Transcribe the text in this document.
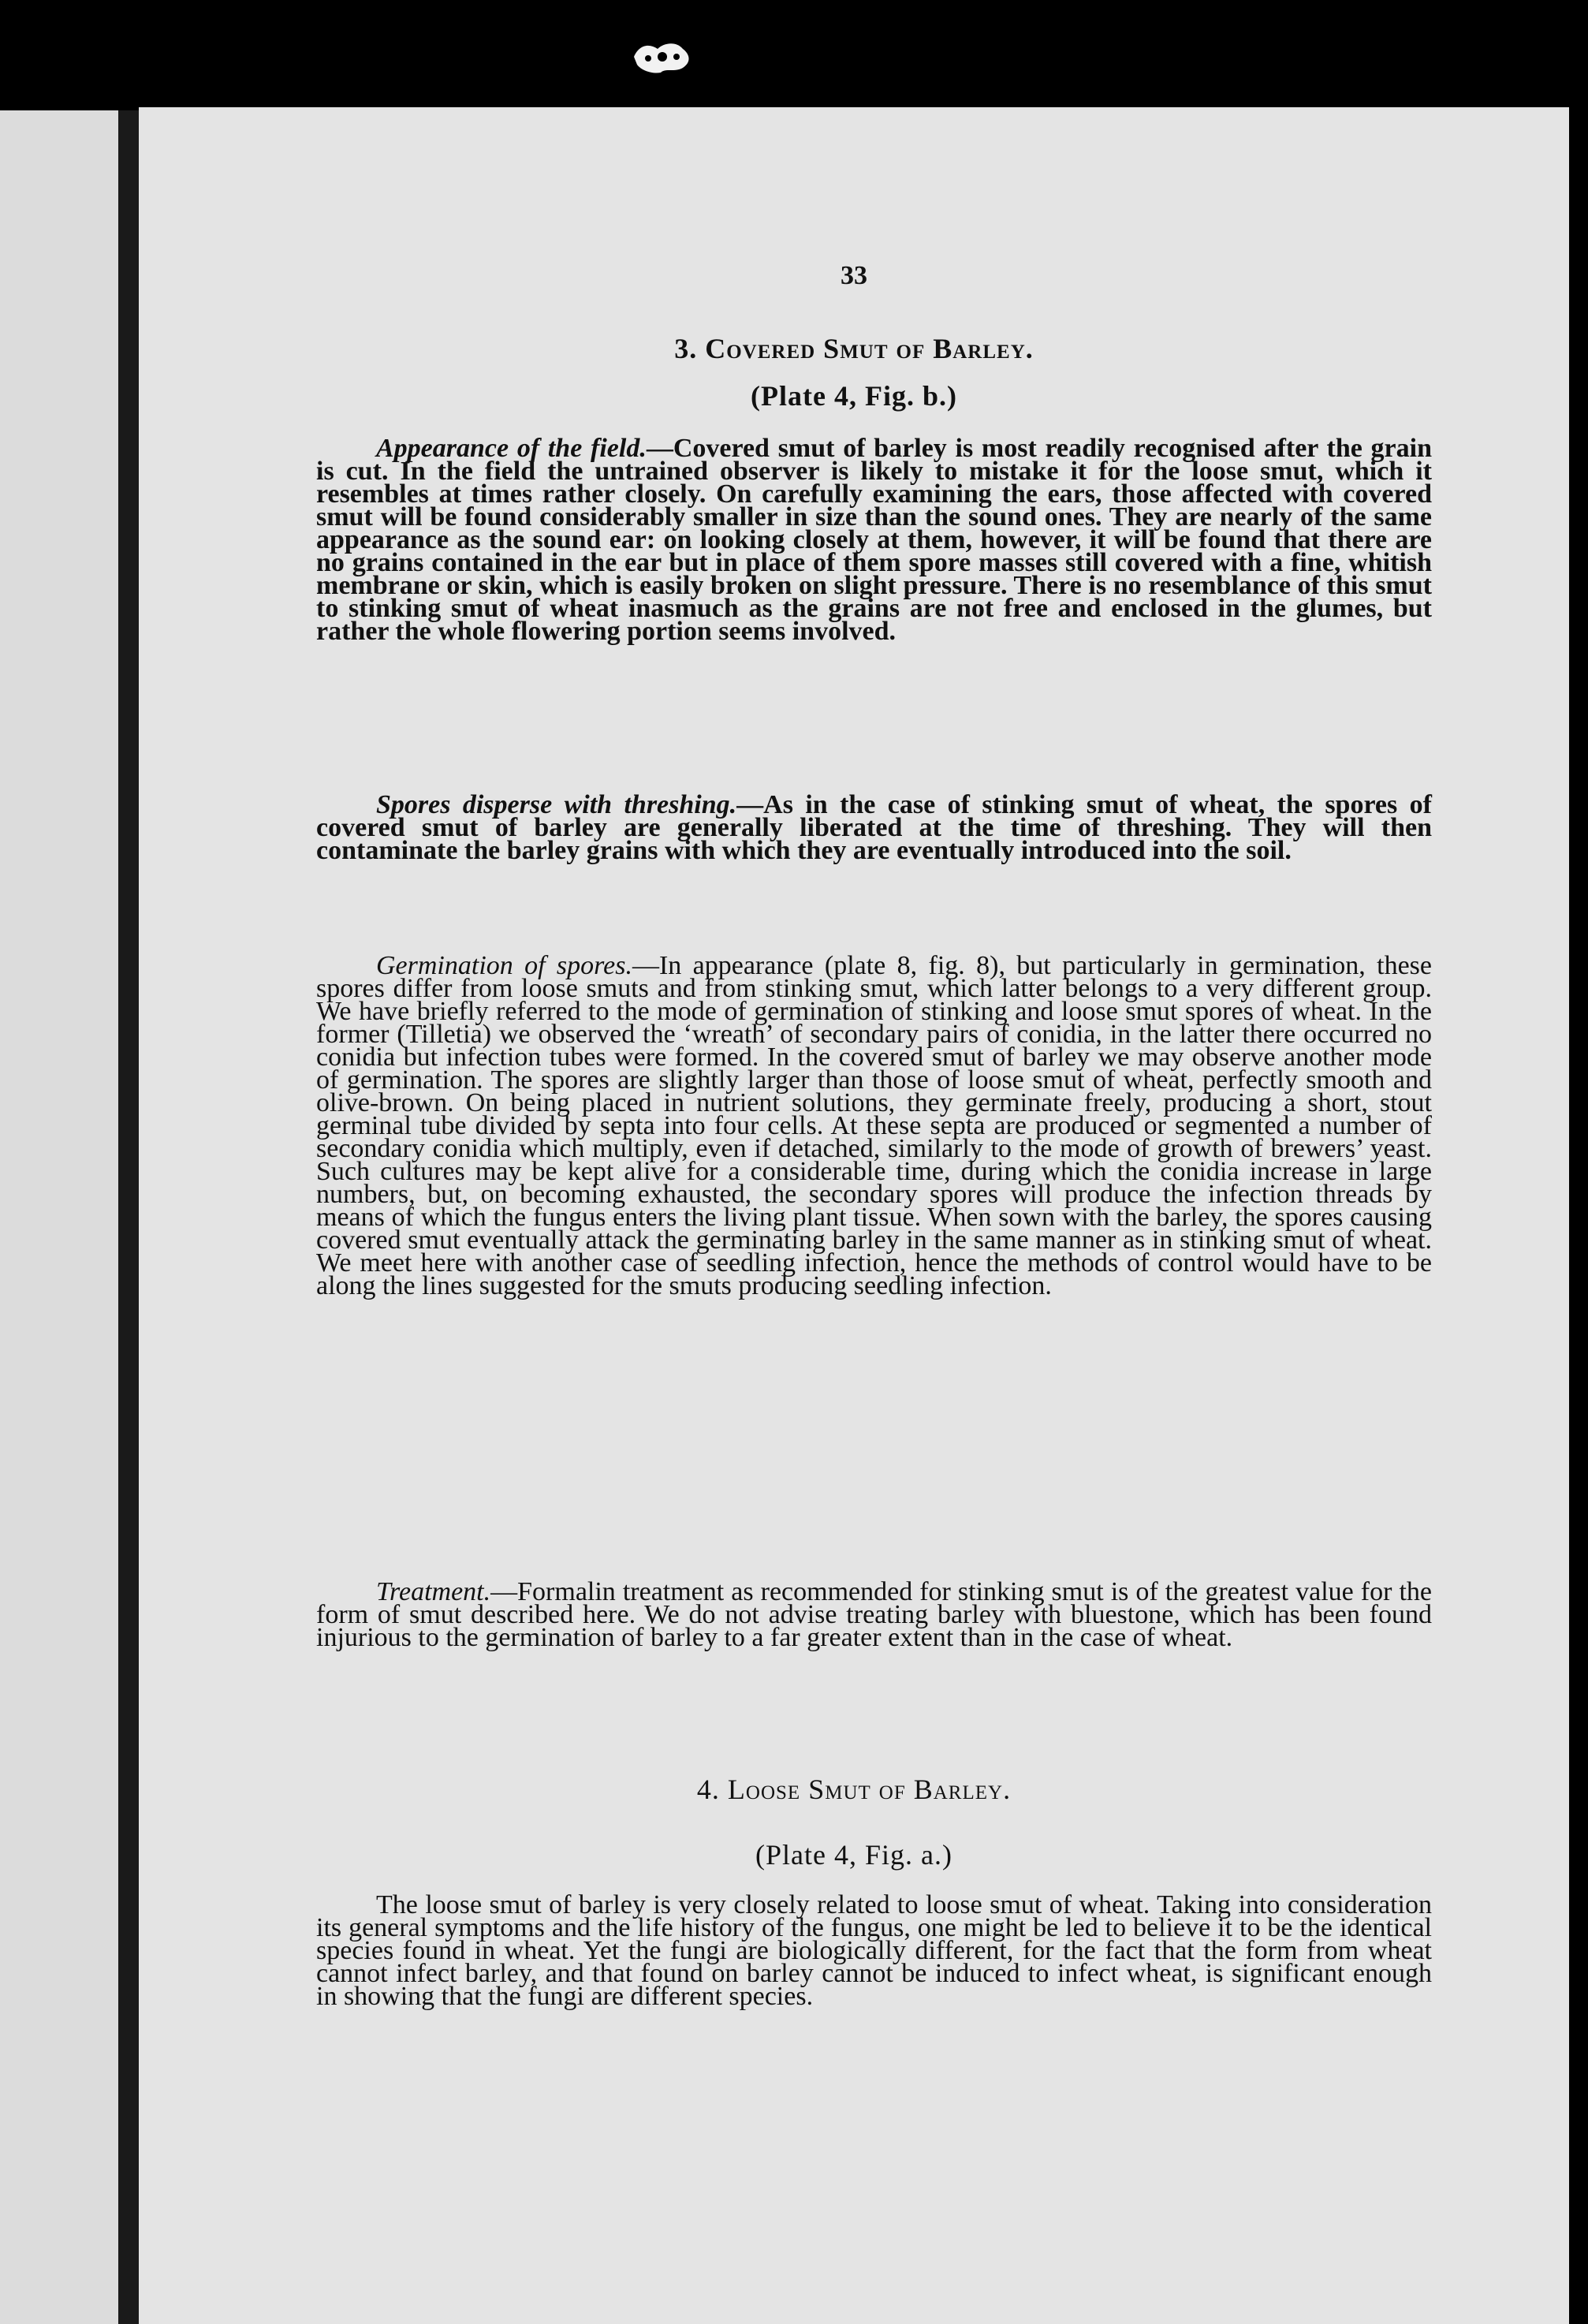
33
3. Covered Smut of Barley.
(Plate 4, Fig. b.)

Appearance of the field.—Covered smut of barley is most readily recognised after the grain is cut. In the field the untrained observer is likely to mistake it for the loose smut, which it resembles at times rather closely. On carefully examining the ears, those affected with covered smut will be found considerably smaller in size than the sound ones. They are nearly of the same appearance as the sound ear: on looking closely at them, however, it will be found that there are no grains contained in the ear but in place of them spore masses still covered with a fine, whitish membrane or skin, which is easily broken on slight pressure. There is no resemblance of this smut to stinking smut of wheat inasmuch as the grains are not free and enclosed in the glumes, but rather the whole flowering portion seems involved.

Spores disperse with threshing.—As in the case of stinking smut of wheat, the spores of covered smut of barley are generally liberated at the time of threshing. They will then contaminate the barley grains with which they are eventually introduced into the soil.

Germination of spores.—In appearance (plate 8, fig. 8), but particularly in germination, these spores differ from loose smuts and from stinking smut, which latter belongs to a very different group. We have briefly referred to the mode of germination of stinking and loose smut spores of wheat. In the former (Tilletia) we observed the ‘wreath’ of secondary pairs of conidia, in the latter there occurred no conidia but infection tubes were formed. In the covered smut of barley we may observe another mode of germination. The spores are slightly larger than those of loose smut of wheat, perfectly smooth and olive-brown. On being placed in nutrient solutions, they germinate freely, producing a short, stout germinal tube divided by septa into four cells. At these septa are produced or segmented a number of secondary conidia which multiply, even if detached, similarly to the mode of growth of brewers’ yeast. Such cultures may be kept alive for a considerable time, during which the conidia increase in large numbers, but, on becoming exhausted, the secondary spores will produce the infection threads by means of which the fungus enters the living plant tissue. When sown with the barley, the spores causing covered smut eventually attack the germinating barley in the same manner as in stinking smut of wheat. We meet here with another case of seedling infection, hence the methods of control would have to be along the lines suggested for the smuts producing seedling infection.

Treatment.—Formalin treatment as recommended for stinking smut is of the greatest value for the form of smut described here. We do not advise treating barley with bluestone, which has been found injurious to the germination of barley to a far greater extent than in the case of wheat.

4. Loose Smut of Barley.
(Plate 4, Fig. a.)

The loose smut of barley is very closely related to loose smut of wheat. Taking into consideration its general symptoms and the life history of the fungus, one might be led to believe it to be the identical species found in wheat. Yet the fungi are biologically different, for the fact that the form from wheat cannot infect barley, and that found on barley cannot be induced to infect wheat, is significant enough in showing that the fungi are different species.
